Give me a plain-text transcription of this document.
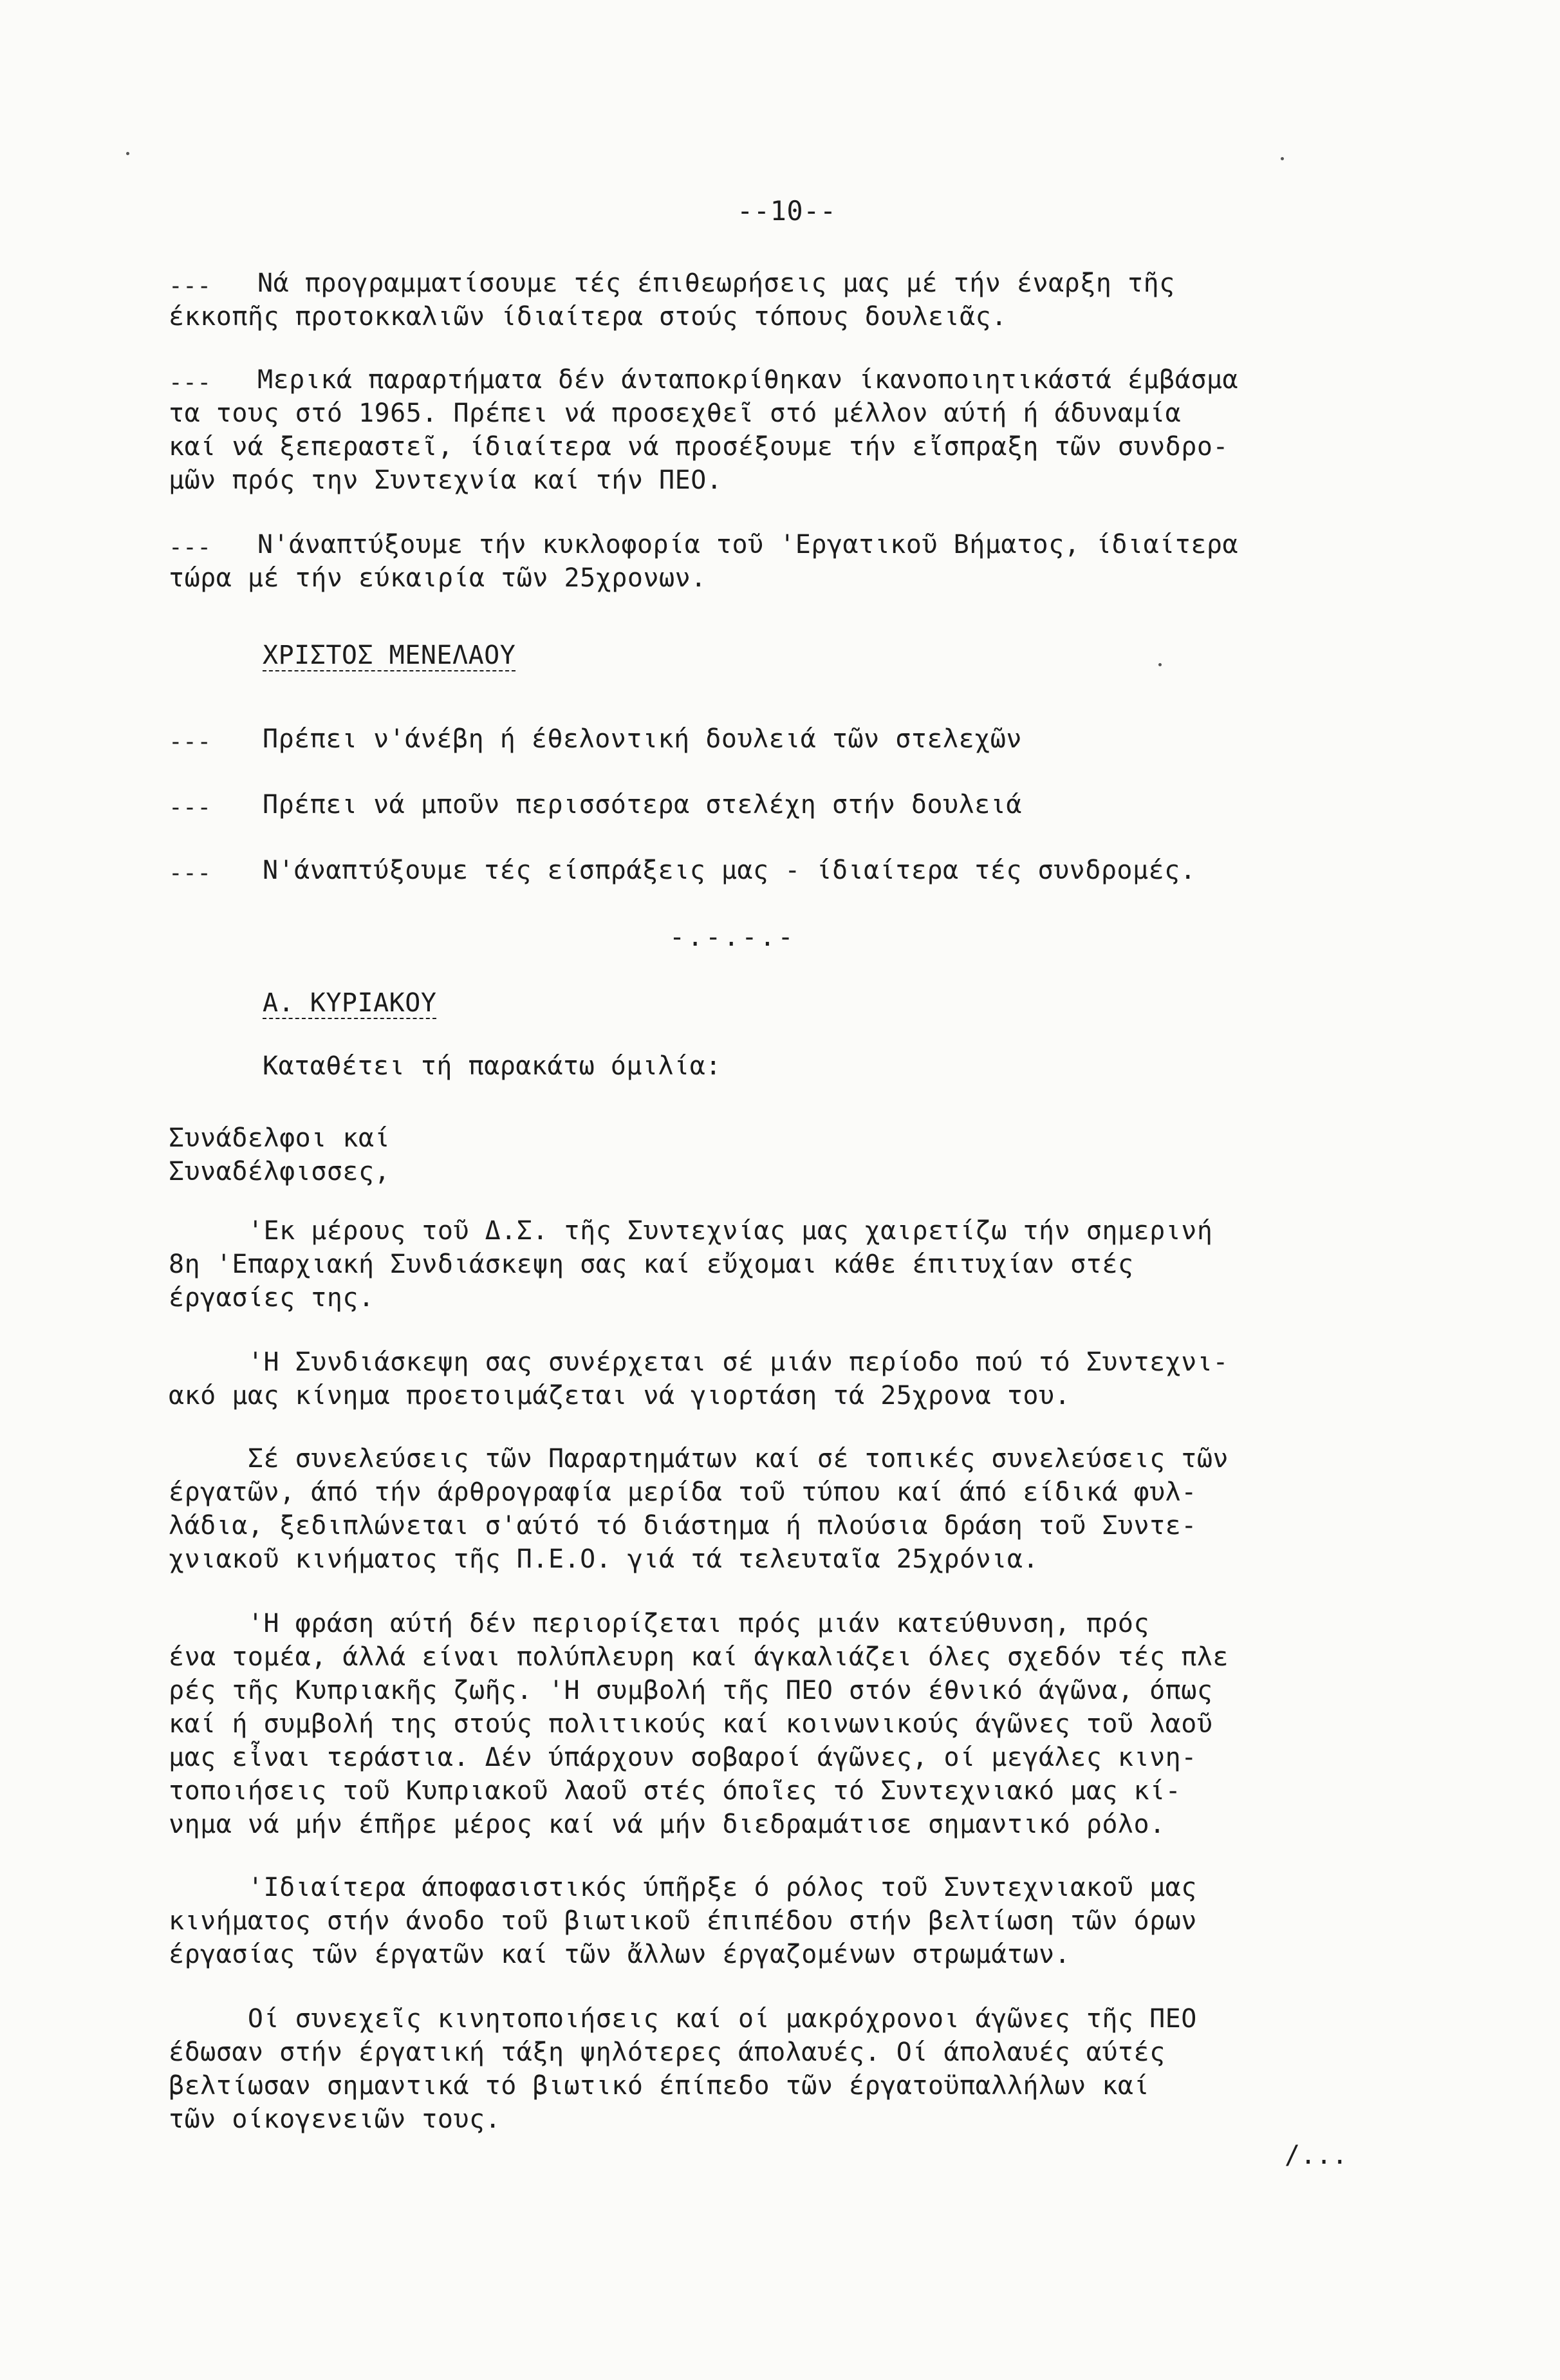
--10--
--- Νά προγραμματίσουμε τές έπιθεωρήσεις μας μέ τήν έναρξη τῆς
έκκοπῆς προτοκκαλιῶν ίδιαίτερα στούς τόπους δουλειᾶς.
--- Μερικά παραρτήματα δέν άνταποκρίθηκαν ίκανοποιητικάστά έμβάσμα
τα τους στό 1965. Πρέπει νά προσεχθεῖ στό μέλλον αύτή ή άδυναμία
καί νά ξεπεραστεῖ, ίδιαίτερα νά προσέξουμε τήν εἴσπραξη τῶν συνδρο-
μῶν πρός την Συντεχνία καί τήν ΠΕΟ.
--- Ν'άναπτύξουμε τήν κυκλοφορία τοῦ 'Εργατικοῦ Βήματος, ίδιαίτερα
τώρα μέ τήν εύκαιρία τῶν 25χρονων.
ΧΡΙΣΤΟΣ ΜΕΝΕΛΑΟΥ
--- Πρέπει ν'άνέβη ή έθελοντική δουλειά τῶν στελεχῶν
--- Πρέπει νά μποῦν περισσότερα στελέχη στήν δουλειά
--- Ν'άναπτύξουμε τές είσπράξεις μας - ίδιαίτερα τές συνδρομές.
-.-.-.-
Α. ΚΥΡΙΑΚΟΥ
Καταθέτει τή παρακάτω όμιλία:
Συνάδελφοι καί
Συναδέλφισσες,
'Εκ μέρους τοῦ Δ.Σ. τῆς Συντεχνίας μας χαιρετίζω τήν σημερινή
8η 'Επαρχιακή Συνδιάσκεψη σας καί εὔχομαι κάθε έπιτυχίαν στές
έργασίες της.
'Η Συνδιάσκεψη σας συνέρχεται σέ μιάν περίοδο πού τό Συντεχνι-
ακό μας κίνημα προετοιμάζεται νά γιορτάση τά 25χρονα του.
Σέ συνελεύσεις τῶν Παραρτημάτων καί σέ τοπικές συνελεύσεις τῶν
έργατῶν, άπό τήν άρθρογραφία μερίδα τοῦ τύπου καί άπό είδικά φυλ-
λάδια, ξεδιπλώνεται σ'αύτό τό διάστημα ή πλούσια δράση τοῦ Συντε-
χνιακοῦ κινήματος τῆς Π.Ε.Ο. γιά τά τελευταῖα 25χρόνια.
'Η φράση αύτή δέν περιορίζεται πρός μιάν κατεύθυνση, πρός
ένα τομέα, άλλά είναι πολύπλευρη καί άγκαλιάζει όλες σχεδόν τές πλε
ρές τῆς Κυπριακῆς ζωῆς. 'Η συμβολή τῆς ΠΕΟ στόν έθνικό άγῶνα, όπως
καί ή συμβολή της στούς πολιτικούς καί κοινωνικούς άγῶνες τοῦ λαοῦ
μας εἶναι τεράστια. Δέν ύπάρχουν σοβαροί άγῶνες, οί μεγάλες κινη-
τοποιήσεις τοῦ Κυπριακοῦ λαοῦ στές όποῖες τό Συντεχνιακό μας κί-
νημα νά μήν έπῆρε μέρος καί νά μήν διεδραμάτισε σημαντικό ρόλο.
'Ιδιαίτερα άποφασιστικός ύπῆρξε ό ρόλος τοῦ Συντεχνιακοῦ μας
κινήματος στήν άνοδο τοῦ βιωτικοῦ έπιπέδου στήν βελτίωση τῶν όρων
έργασίας τῶν έργατῶν καί τῶν ἄλλων έργαζομένων στρωμάτων.
Οί συνεχεῖς κινητοποιήσεις καί οί μακρόχρονοι άγῶνες τῆς ΠΕΟ
έδωσαν στήν έργατική τάξη ψηλότερες άπολαυές. Οί άπολαυές αύτές
βελτίωσαν σημαντικά τό βιωτικό έπίπεδο τῶν έργατοϋπαλλήλων καί
τῶν οίκογενειῶν τους.
/...
